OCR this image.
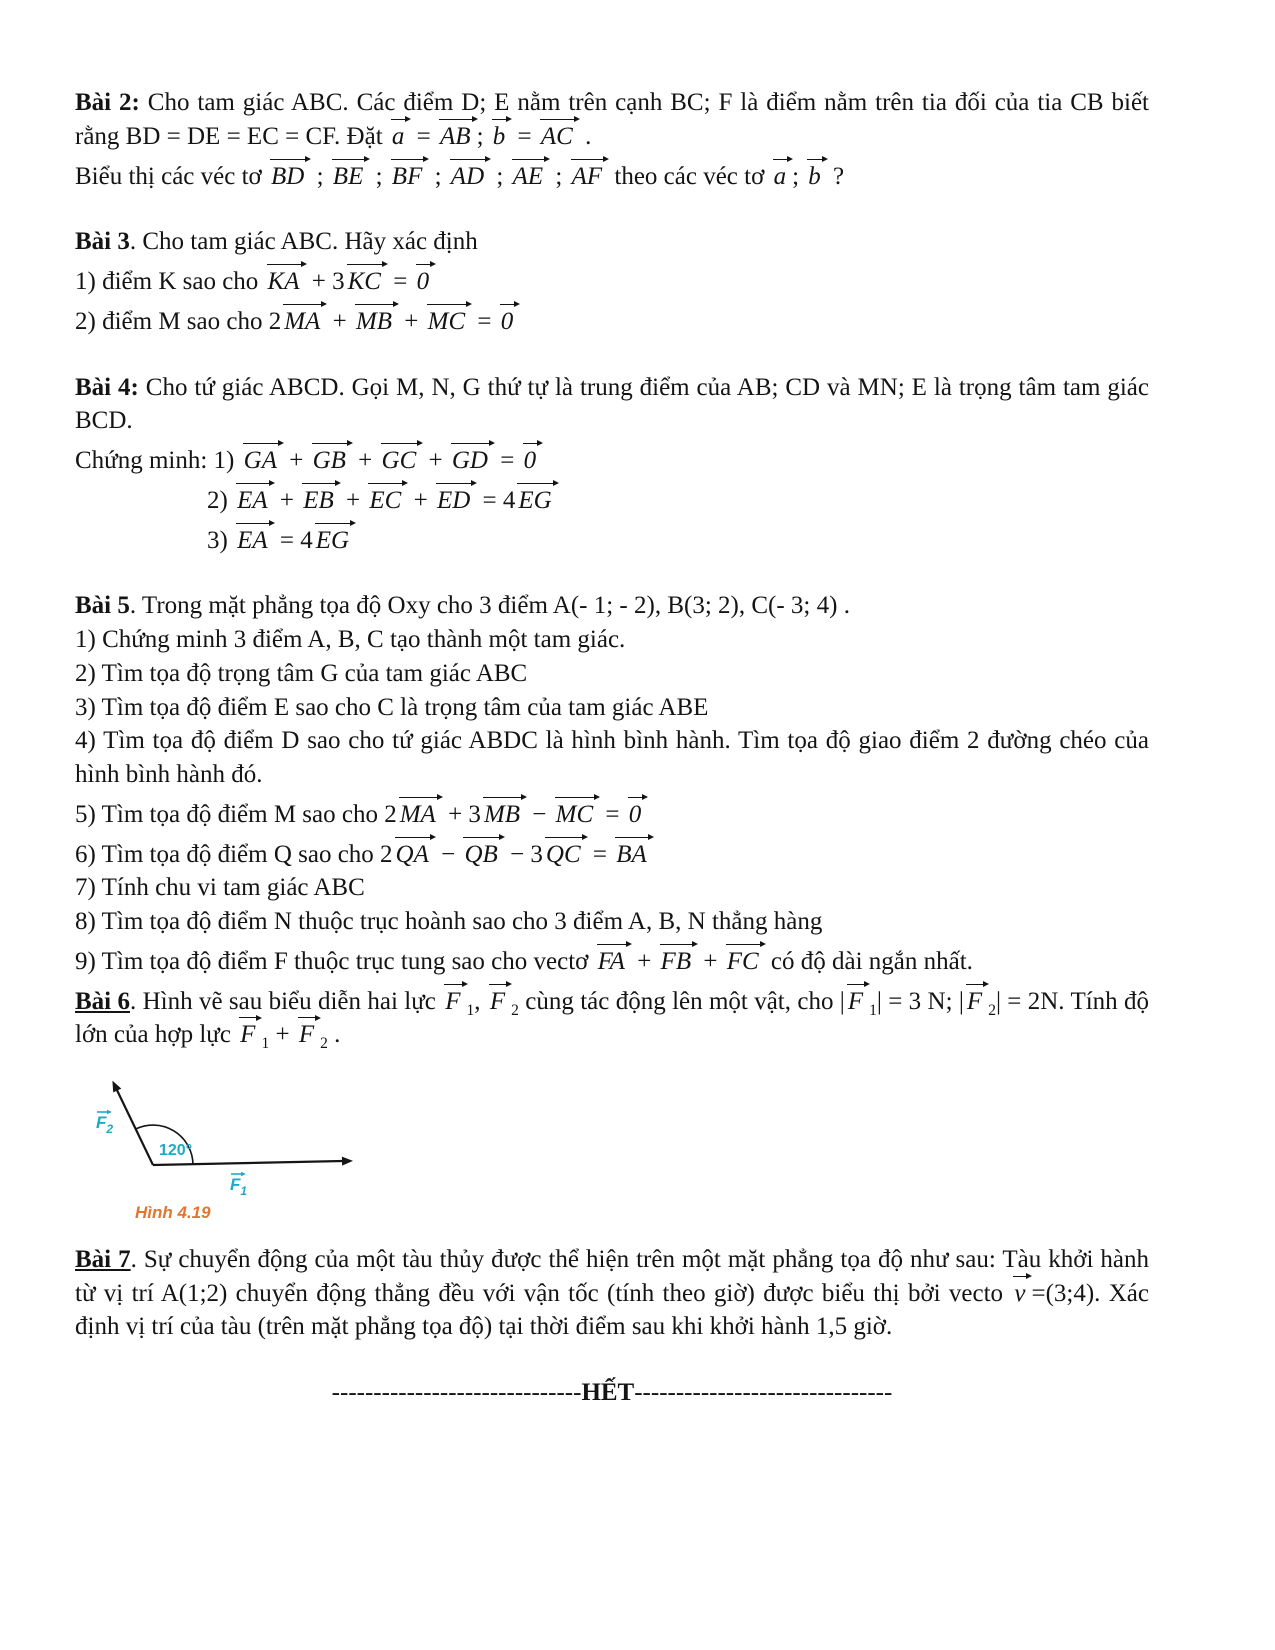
Bài 2: Cho tam giác ABC. Các điểm D; E nằm trên cạnh BC; F là điểm nằm trên tia đối của tia CB biết rằng BD = DE = EC = CF. Đặt a = AB ; b = AC .

Biểu thị các véc tơ BD ; BE ; BF ; AD ; AE ; AF theo các véc tơ a ; b ?

Bài 3. Cho tam giác ABC. Hãy xác định

1) điểm K sao cho KA + 3 KC = 0

2) điểm M sao cho 2 MA + MB + MC = 0

Bài 4: Cho tứ giác ABCD. Gọi M, N, G thứ tự là trung điểm của AB; CD và MN; E là trọng tâm tam giác BCD.

Chứng minh: 1) GA + GB + GC + GD = 0

2) EA + EB + EC + ED = 4 EG

3) EA = 4 EG

Bài 5. Trong mặt phẳng tọa độ Oxy cho 3 điểm A(- 1; - 2), B(3; 2), C(- 3; 4) .

1) Chứng minh 3 điểm A, B, C tạo thành một tam giác.

2) Tìm tọa độ trọng tâm G của tam giác ABC

3) Tìm tọa độ điểm E sao cho C là trọng tâm của tam giác ABE

4) Tìm tọa độ điểm D sao cho tứ giác ABDC là hình bình hành. Tìm tọa độ giao điểm 2 đường chéo của hình bình hành đó.

5) Tìm tọa độ điểm M sao cho 2 MA + 3 MB − MC = 0

6) Tìm tọa độ điểm Q sao cho 2 QA − QB − 3 QC = BA

7) Tính chu vi tam giác ABC

8) Tìm tọa độ điểm N thuộc trục hoành sao cho 3 điểm A, B, N thẳng hàng

9) Tìm tọa độ điểm F thuộc trục tung sao cho vectơ FA + FB + FC có độ dài ngắn nhất.

Bài 6. Hình vẽ sau biểu diễn hai lực F $_1$, F $_2$ cùng tác động lên một vật, cho | F $_1$| = 3 N; | F $_2$| = 2N. Tính độ lớn của hợp lực F $_1$ + F $_2$ .

$F_2$
120°
$F_1$
Hình 4.19

Bài 7. Sự chuyển động của một tàu thủy được thể hiện trên một mặt phẳng tọa độ như sau: Tàu khởi hành từ vị trí A(1;2) chuyển động thẳng đều với vận tốc (tính theo giờ) được biểu thị bởi vecto v =(3;4). Xác định vị trí của tàu (trên mặt phẳng tọa độ) tại thời điểm sau khi khởi hành 1,5 giờ.

------------------------------HẾT-------------------------------
